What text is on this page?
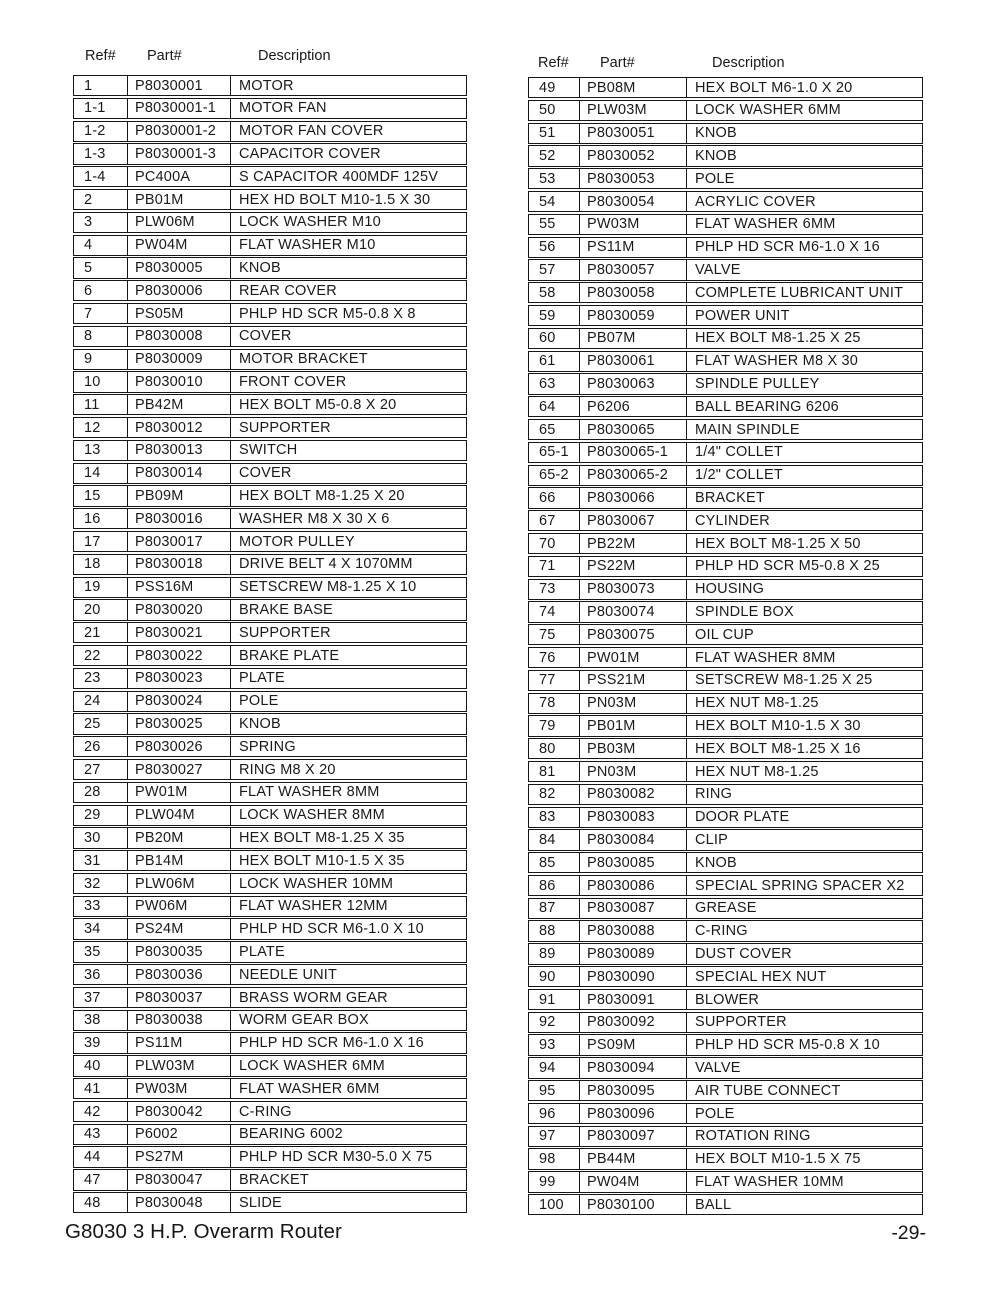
Ref# Part#	Description	Ref# Part#	Description
1	P8030001	MOTOR
1-1	P8030001-1	MOTOR FAN
1-2	P8030001-2	MOTOR FAN COVER
1-3	P8030001-3	CAPACITOR COVER
1-4	PC400A	S CAPACITOR 400MDF 125V
2	PB01M	HEX HD BOLT M10-1.5 X 30
3	PLW06M	LOCK WASHER M10
4	PW04M	FLAT WASHER M10
5	P8030005	KNOB
6	P8030006	REAR COVER
7	PS05M	PHLP HD SCR M5-0.8 X 8
8	P8030008	COVER
9	P8030009	MOTOR BRACKET
10	P8030010	FRONT COVER
11	PB42M	HEX BOLT M5-0.8 X 20
12	P8030012	SUPPORTER
13	P8030013	SWITCH
14	P8030014	COVER
15	PB09M	HEX BOLT M8-1.25 X 20
16	P8030016	WASHER M8 X 30 X 6
17	P8030017	MOTOR PULLEY
18	P8030018	DRIVE BELT 4 X 1070MM
19	PSS16M	SETSCREW M8-1.25 X 10
20	P8030020	BRAKE BASE
21	P8030021	SUPPORTER
22	P8030022	BRAKE PLATE
23	P8030023	PLATE
24	P8030024	POLE
25	P8030025	KNOB
26	P8030026	SPRING
27	P8030027	RING M8 X 20
28	PW01M	FLAT WASHER 8MM
29	PLW04M	LOCK WASHER 8MM
30	PB20M	HEX BOLT M8-1.25 X 35
31	PB14M	HEX BOLT M10-1.5 X 35
32	PLW06M	LOCK WASHER 10MM
33	PW06M	FLAT WASHER 12MM
34	PS24M	PHLP HD SCR M6-1.0 X 10
35	P8030035	PLATE
36	P8030036	NEEDLE UNIT
37	P8030037	BRASS WORM GEAR
38	P8030038	WORM GEAR BOX
39	PS11M	PHLP HD SCR M6-1.0 X 16
40	PLW03M	LOCK WASHER 6MM
41	PW03M	FLAT WASHER 6MM
42	P8030042	C-RING
43	P6002	BEARING 6002
44	PS27M	PHLP HD SCR M30-5.0 X 75
47	P8030047	BRACKET
48	P8030048	SLIDE
49	PB08M	HEX BOLT M6-1.0 X 20
50	PLW03M	LOCK WASHER 6MM
51	P8030051	KNOB
52	P8030052	KNOB
53	P8030053	POLE
54	P8030054	ACRYLIC COVER
55	PW03M	FLAT WASHER 6MM
56	PS11M	PHLP HD SCR M6-1.0 X 16
57	P8030057	VALVE
58	P8030058	COMPLETE LUBRICANT UNIT
59	P8030059	POWER UNIT
60	PB07M	HEX BOLT M8-1.25 X 25
61	P8030061	FLAT WASHER M8 X 30
63	P8030063	SPINDLE PULLEY
64	P6206	BALL BEARING 6206
65	P8030065	MAIN SPINDLE
65-1	P8030065-1	1/4" COLLET
65-2	P8030065-2	1/2" COLLET
66	P8030066	BRACKET
67	P8030067	CYLINDER
70	PB22M	HEX BOLT M8-1.25 X 50
71	PS22M	PHLP HD SCR M5-0.8 X 25
73	P8030073	HOUSING
74	P8030074	SPINDLE BOX
75	P8030075	OIL CUP
76	PW01M	FLAT WASHER 8MM
77	PSS21M	SETSCREW M8-1.25 X 25
78	PN03M	HEX NUT M8-1.25
79	PB01M	HEX BOLT M10-1.5 X 30
80	PB03M	HEX BOLT M8-1.25 X 16
81	PN03M	HEX NUT M8-1.25
82	P8030082	RING
83	P8030083	DOOR PLATE
84	P8030084	CLIP
85	P8030085	KNOB
86	P8030086	SPECIAL SPRING SPACER X2
87	P8030087	GREASE
88	P8030088	C-RING
89	P8030089	DUST COVER
90	P8030090	SPECIAL HEX NUT
91	P8030091	BLOWER
92	P8030092	SUPPORTER
93	PS09M	PHLP HD SCR M5-0.8 X 10
94	P8030094	VALVE
95	P8030095	AIR TUBE CONNECT
96	P8030096	POLE
97	P8030097	ROTATION RING
98	PB44M	HEX BOLT M10-1.5 X 75
99	PW04M	FLAT WASHER 10MM
100	P8030100	BALL
G8030 3 H.P. Overarm Router	-29-
